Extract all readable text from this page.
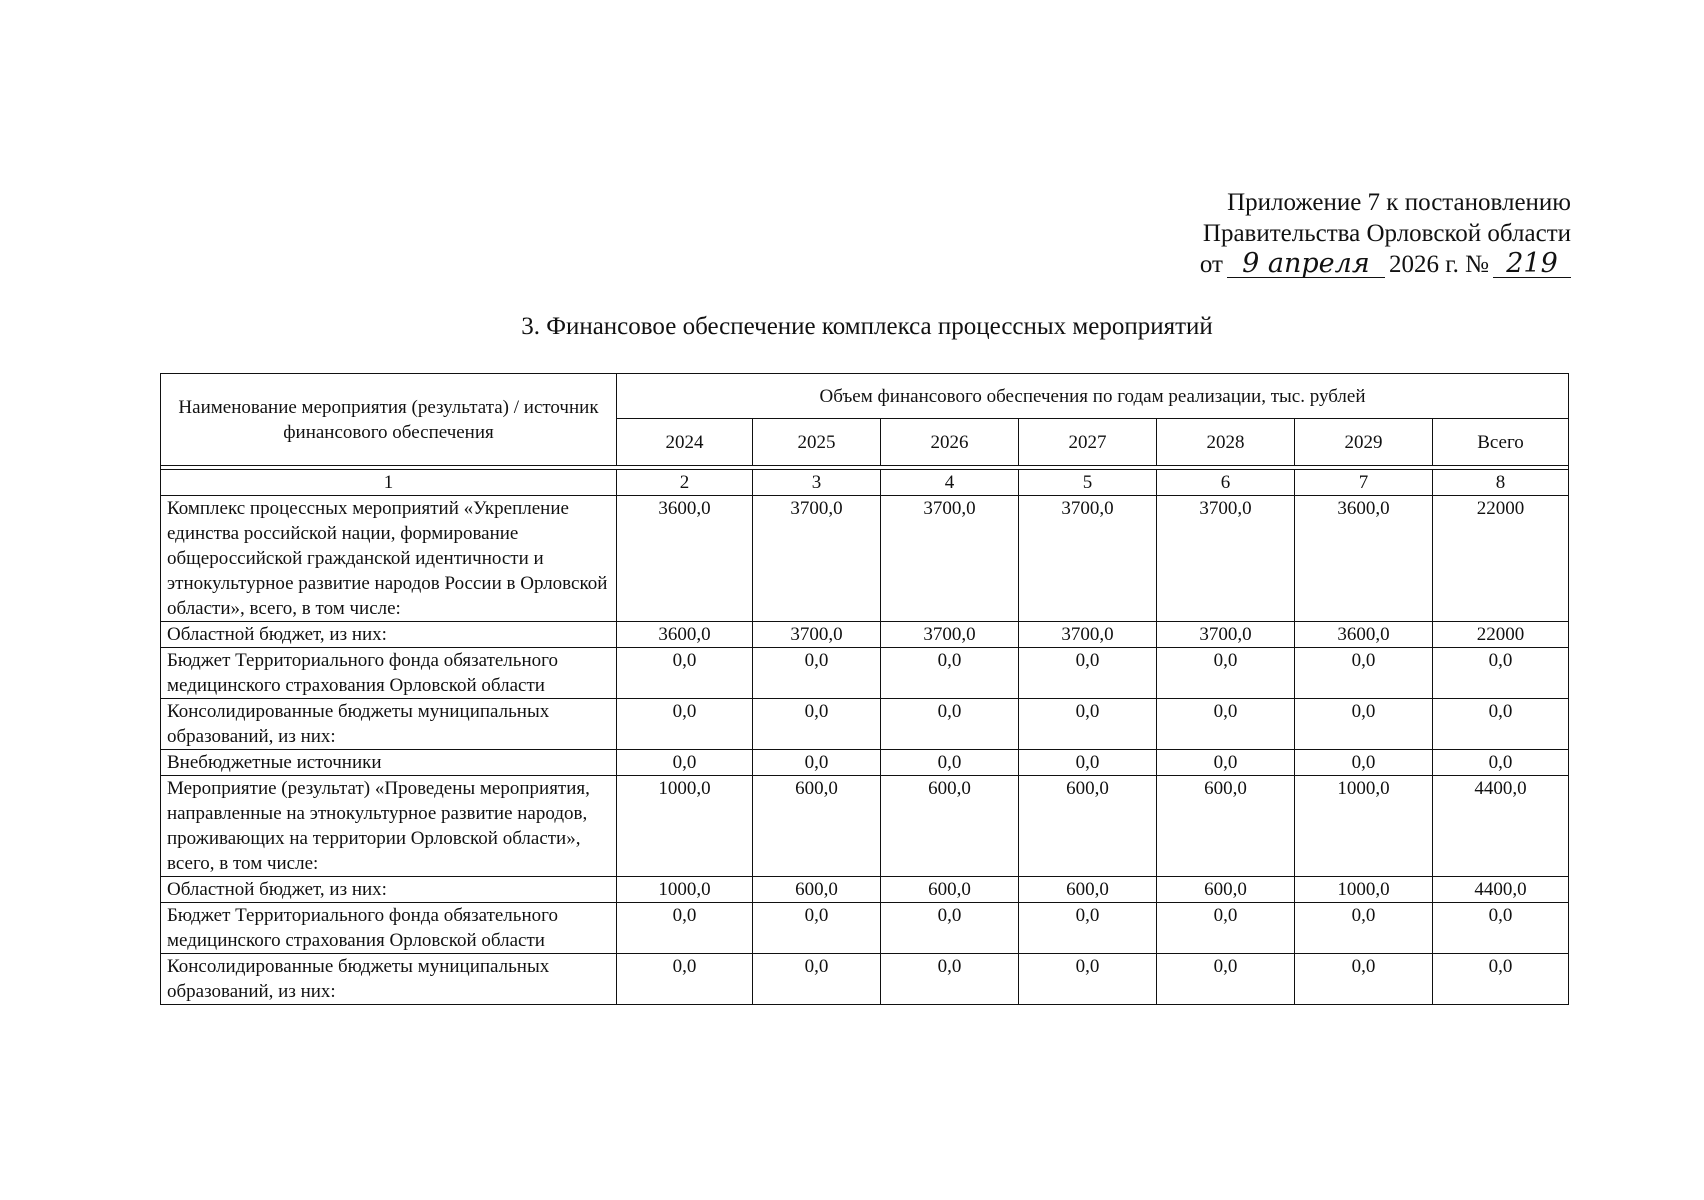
Приложение 7 к постановлению
Правительства Орловской области
от 9 апреля 2026 г. № 219
3. Финансовое обеспечение комплекса процессных мероприятий
Наименование мероприятия (результата) / источник финансового обеспечения	Объем финансового обеспечения по годам реализации, тыс. рублей						
	2024	2025	2026	2027	2028	2029	Всего

1	2	3	4	5	6	7	8
Комплекс процессных мероприятий «Укрепление единства российской нации, формирование общероссийской гражданской идентичности и этнокультурное развитие народов России в Орловской области», всего, в том числе:	3600,0	3700,0	3700,0	3700,0	3700,0	3600,0	22000
Областной бюджет, из них:	3600,0	3700,0	3700,0	3700,0	3700,0	3600,0	22000
Бюджет Территориального фонда обязательного медицинского страхования Орловской области	0,0	0,0	0,0	0,0	0,0	0,0	0,0
Консолидированные бюджеты муниципальных образований, из них:	0,0	0,0	0,0	0,0	0,0	0,0	0,0
Внебюджетные источники	0,0	0,0	0,0	0,0	0,0	0,0	0,0
Мероприятие (результат) «Проведены мероприятия, направленные на этнокультурное развитие народов, проживающих на территории Орловской области», всего, в том числе:	1000,0	600,0	600,0	600,0	600,0	1000,0	4400,0
Областной бюджет, из них:	1000,0	600,0	600,0	600,0	600,0	1000,0	4400,0
Бюджет Территориального фонда обязательного медицинского страхования Орловской области	0,0	0,0	0,0	0,0	0,0	0,0	0,0
Консолидированные бюджеты муниципальных образований, из них:	0,0	0,0	0,0	0,0	0,0	0,0	0,0
